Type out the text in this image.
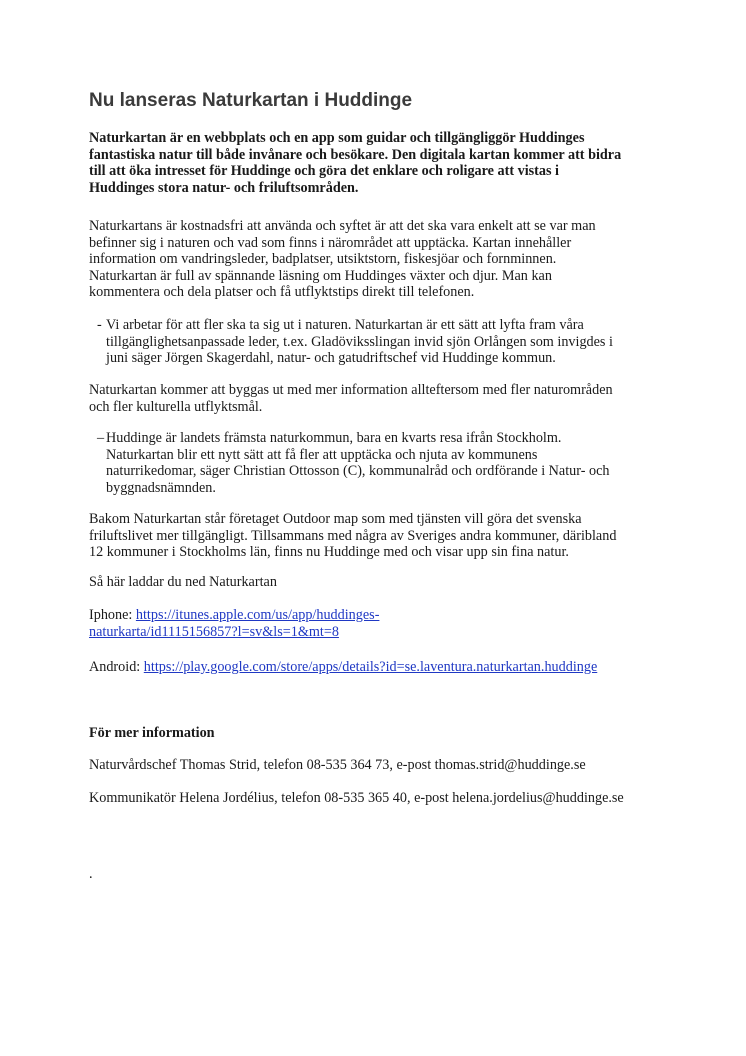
Nu lanseras Naturkartan i Huddinge

Naturkartan är en webbplats och en app som guidar och tillgängliggör Huddinges
fantastiska natur till både invånare och besökare. Den digitala kartan kommer att bidra
till att öka intresset för Huddinge och göra det enklare och roligare att vistas i
Huddinges stora natur- och friluftsområden.

Naturkartans är kostnadsfri att använda och syftet är att det ska vara enkelt att se var man
befinner sig i naturen och vad som finns i närområdet att upptäcka. Kartan innehåller
information om vandringsleder, badplatser, utsiktstorn, fiskesjöar och fornminnen.
Naturkartan är full av spännande läsning om Huddinges växter och djur. Man kan
kommentera och dela platser och få utflyktstips direkt till telefonen.

- Vi arbetar för att fler ska ta sig ut i naturen. Naturkartan är ett sätt att lyfta fram våra
tillgänglighetsanpassade leder, t.ex. Gladöviksslingan invid sjön Orlången som invigdes i
juni säger Jörgen Skagerdahl, natur- och gatudriftschef vid Huddinge kommun.

Naturkartan kommer att byggas ut med mer information allteftersom med fler naturområden
och fler kulturella utflyktsmål.

– Huddinge är landets främsta naturkommun, bara en kvarts resa ifrån Stockholm.
Naturkartan blir ett nytt sätt att få fler att upptäcka och njuta av kommunens
naturrikedomar, säger Christian Ottosson (C), kommunalråd och ordförande i Natur- och
byggnadsnämnden.

Bakom Naturkartan står företaget Outdoor map som med tjänsten vill göra det svenska
friluftslivet mer tillgängligt. Tillsammans med några av Sveriges andra kommuner, däribland
12 kommuner i Stockholms län, finns nu Huddinge med och visar upp sin fina natur.

Så här laddar du ned Naturkartan

Iphone: https://itunes.apple.com/us/app/huddinges-
naturkarta/id1115156857?l=sv&ls=1&mt=8

Android: https://play.google.com/store/apps/details?id=se.laventura.naturkartan.huddinge

För mer information

Naturvårdschef Thomas Strid, telefon 08-535 364 73, e-post thomas.strid@huddinge.se

Kommunikatör Helena Jordélius, telefon 08-535 365 40, e-post helena.jordelius@huddinge.se

.
